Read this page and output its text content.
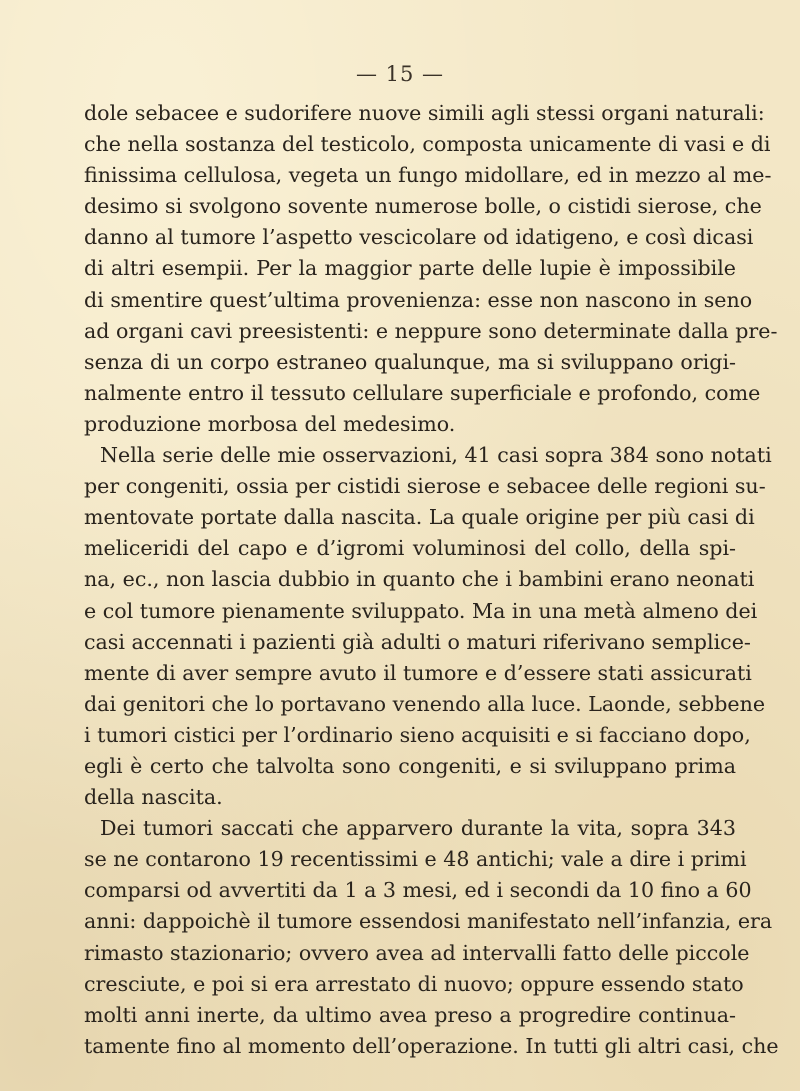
— 15 —
dole sebacee e sudorifere nuove simili agli stessi organi naturali:
che nella sostanza del testicolo, composta unicamente di vasi e di
finissima cellulosa, vegeta un fungo midollare, ed in mezzo al me-
desimo si svolgono sovente numerose bolle, o cistidi sierose, che
danno al tumore l’aspetto vescicolare od idatigeno, e così dicasi
di altri esempii. Per la maggior parte delle lupie è impossibile
di smentire quest’ultima provenienza: esse non nascono in seno
ad organi cavi preesistenti: e neppure sono determinate dalla pre-
senza di un corpo estraneo qualunque, ma si sviluppano origi-
nalmente entro il tessuto cellulare superficiale e profondo, come
produzione morbosa del medesimo.
Nella serie delle mie osservazioni, 41 casi sopra 384 sono notati
per congeniti, ossia per cistidi sierose e sebacee delle regioni su-
mentovate portate dalla nascita. La quale origine per più casi di
meliceridi del capo e d’igromi voluminosi del collo, della spi-
na, ec., non lascia dubbio in quanto che i bambini erano neonati
e col tumore pienamente sviluppato. Ma in una metà almeno dei
casi accennati i pazienti già adulti o maturi riferivano semplice-
mente di aver sempre avuto il tumore e d’essere stati assicurati
dai genitori che lo portavano venendo alla luce. Laonde, sebbene
i tumori cistici per l’ordinario sieno acquisiti e si facciano dopo,
egli è certo che talvolta sono congeniti, e si sviluppano prima
della nascita.
Dei tumori saccati che apparvero durante la vita, sopra 343
se ne contarono 19 recentissimi e 48 antichi; vale a dire i primi
comparsi od avvertiti da 1 a 3 mesi, ed i secondi da 10 fino a 60
anni: dappoichè il tumore essendosi manifestato nell’infanzia, era
rimasto stazionario; ovvero avea ad intervalli fatto delle piccole
cresciute, e poi si era arrestato di nuovo; oppure essendo stato
molti anni inerte, da ultimo avea preso a progredire continua-
tamente fino al momento dell’operazione. In tutti gli altri casi, che
